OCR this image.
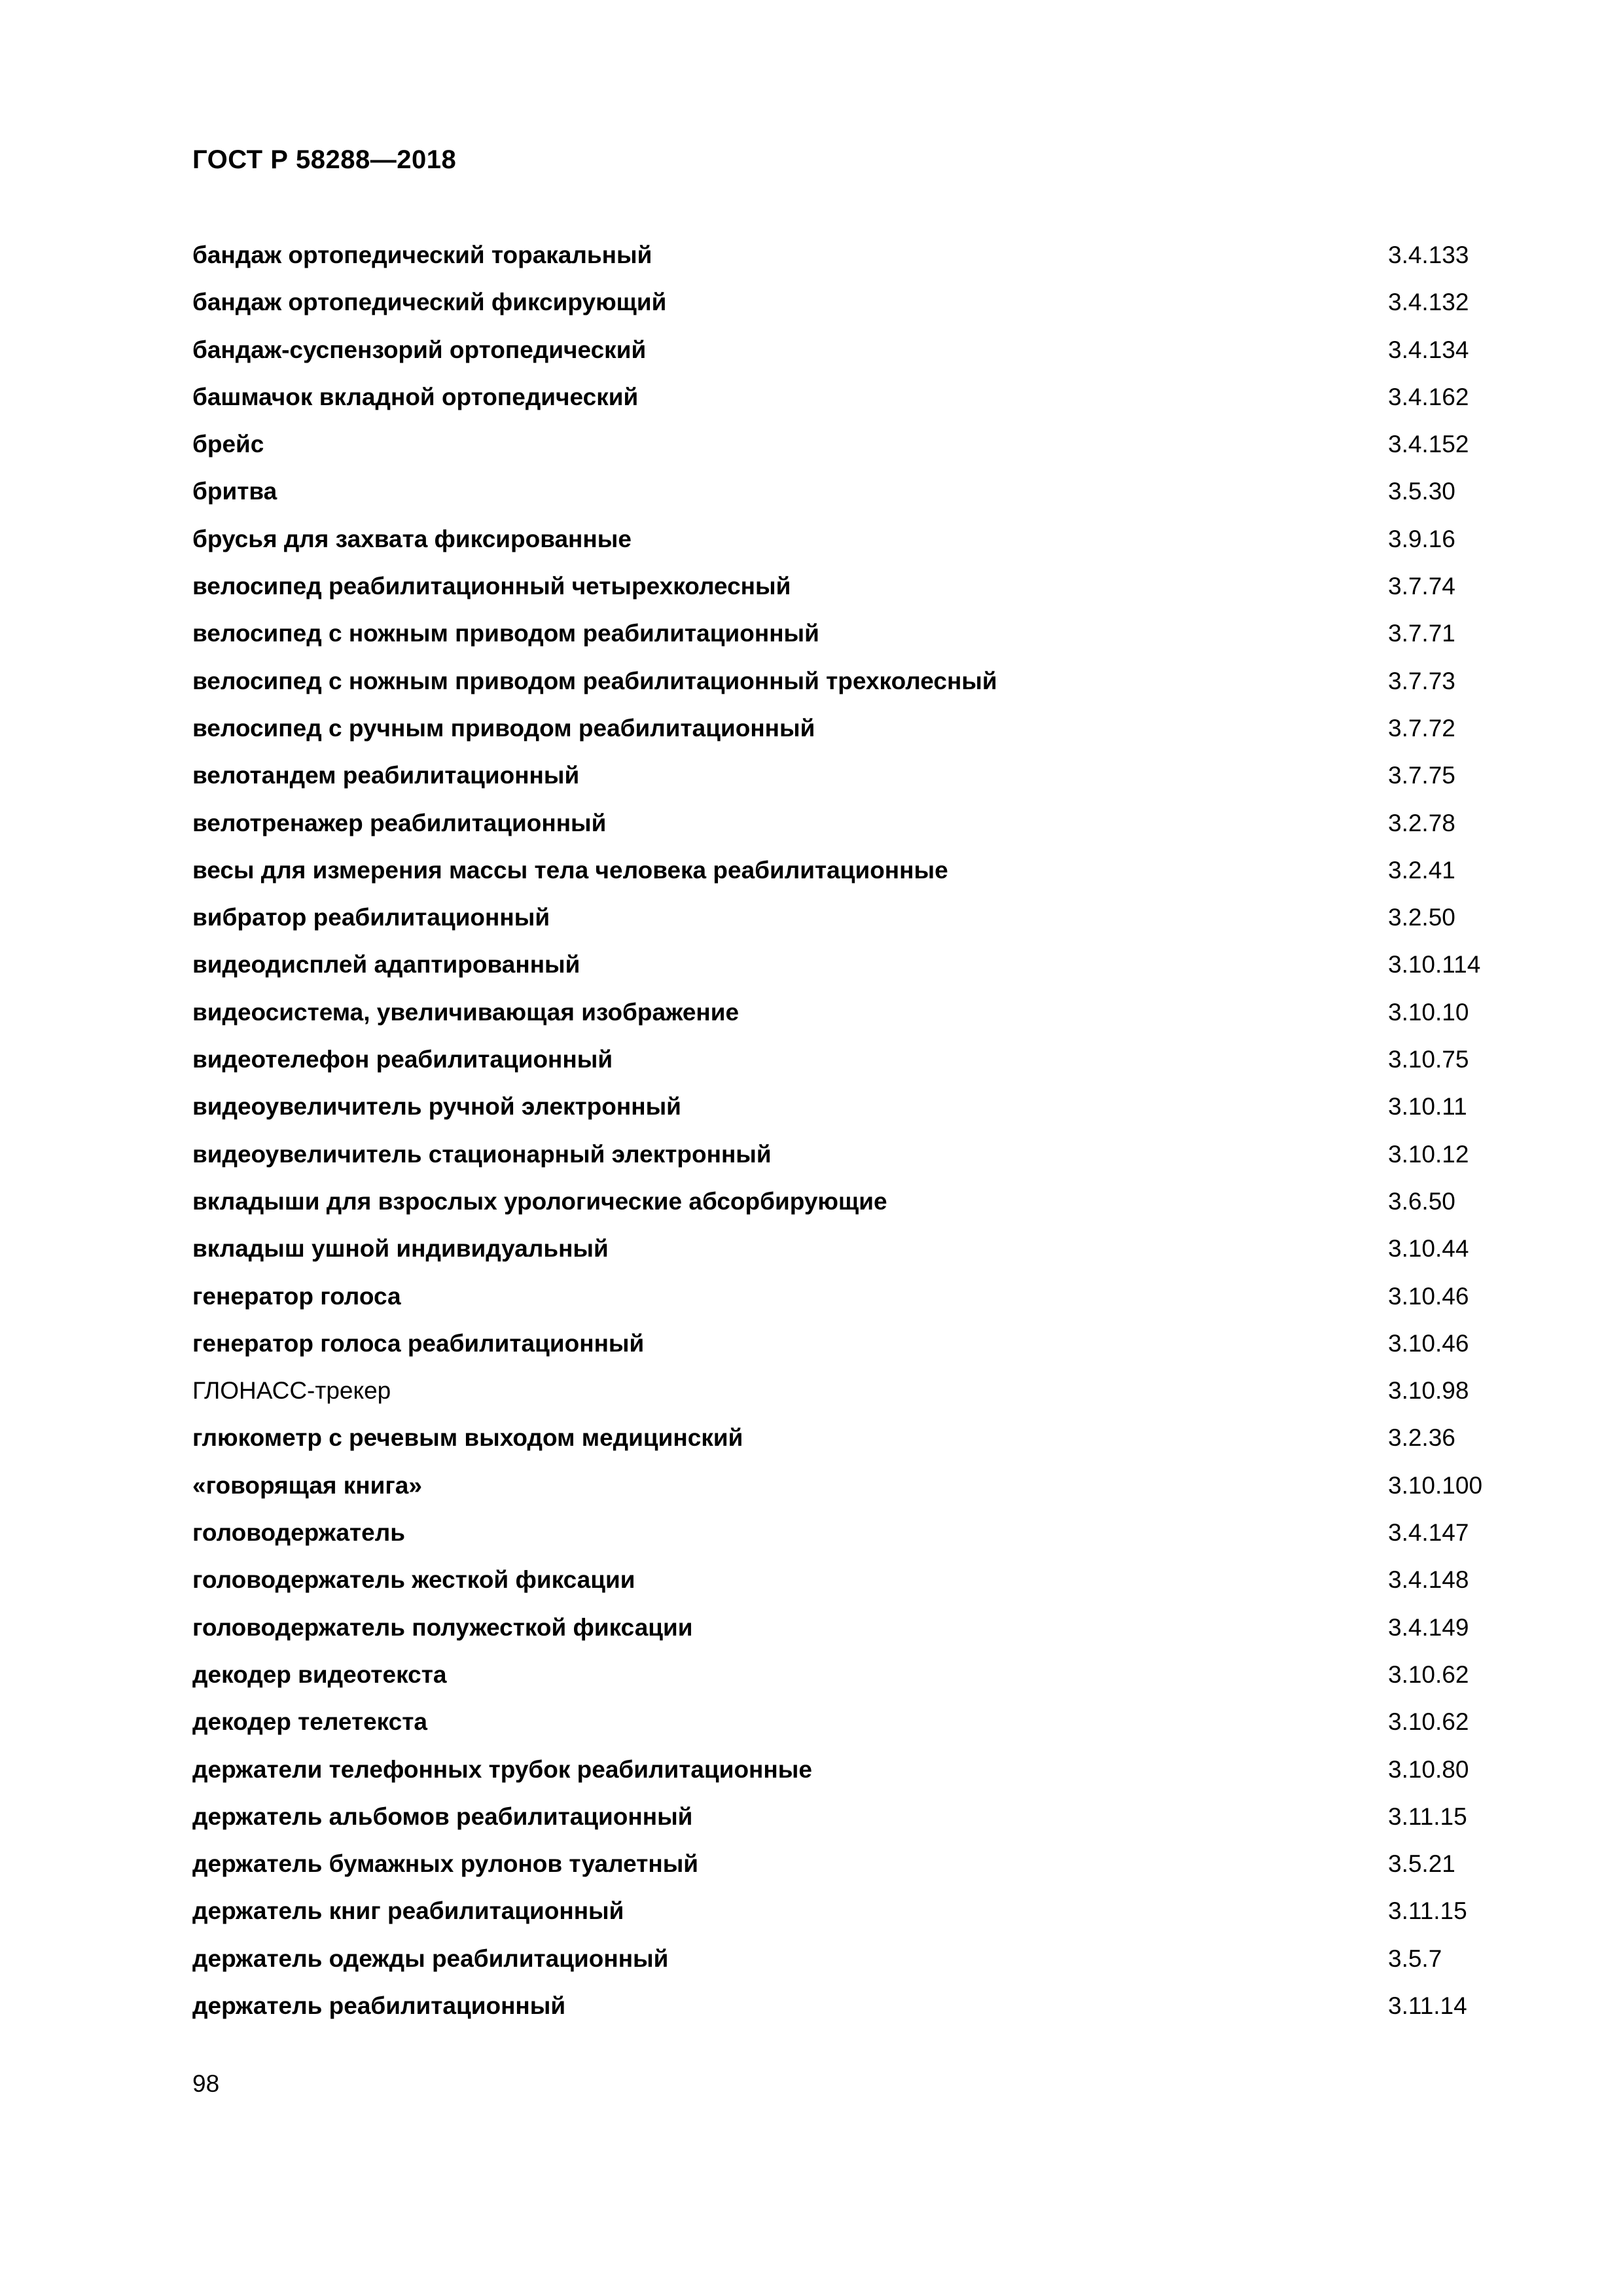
ГОСТ Р 58288—2018
бандаж ортопедический торакальный	3.4.133
бандаж ортопедический фиксирующий	3.4.132
бандаж-суспензорий ортопедический	3.4.134
башмачок вкладной ортопедический	3.4.162
брейс	3.4.152
бритва	3.5.30
брусья для захвата фиксированные	3.9.16
велосипед реабилитационный четырехколесный	3.7.74
велосипед с ножным приводом реабилитационный	3.7.71
велосипед с ножным приводом реабилитационный трехколесный	3.7.73
велосипед с ручным приводом реабилитационный	3.7.72
велотандем реабилитационный	3.7.75
велотренажер реабилитационный	3.2.78
весы для измерения массы тела человека реабилитационные	3.2.41
вибратор реабилитационный	3.2.50
видеодисплей адаптированный	3.10.114
видеосистема, увеличивающая изображение	3.10.10
видеотелефон реабилитационный	3.10.75
видеоувеличитель ручной электронный	3.10.11
видеоувеличитель стационарный электронный	3.10.12
вкладыши для взрослых урологические абсорбирующие	3.6.50
вкладыш ушной индивидуальный	3.10.44
генератор голоса	3.10.46
генератор голоса реабилитационный	3.10.46
ГЛОНАСС-трекер	3.10.98
глюкометр с речевым выходом медицинский	3.2.36
«говорящая книга»	3.10.100
головодержатель	3.4.147
головодержатель жесткой фиксации	3.4.148
головодержатель полужесткой фиксации	3.4.149
декодер видеотекста	3.10.62
декодер телетекста	3.10.62
держатели телефонных трубок реабилитационные	3.10.80
держатель альбомов реабилитационный	3.11.15
держатель бумажных рулонов туалетный	3.5.21
держатель книг реабилитационный	3.11.15
держатель одежды реабилитационный	3.5.7
держатель реабилитационный	3.11.14

98
